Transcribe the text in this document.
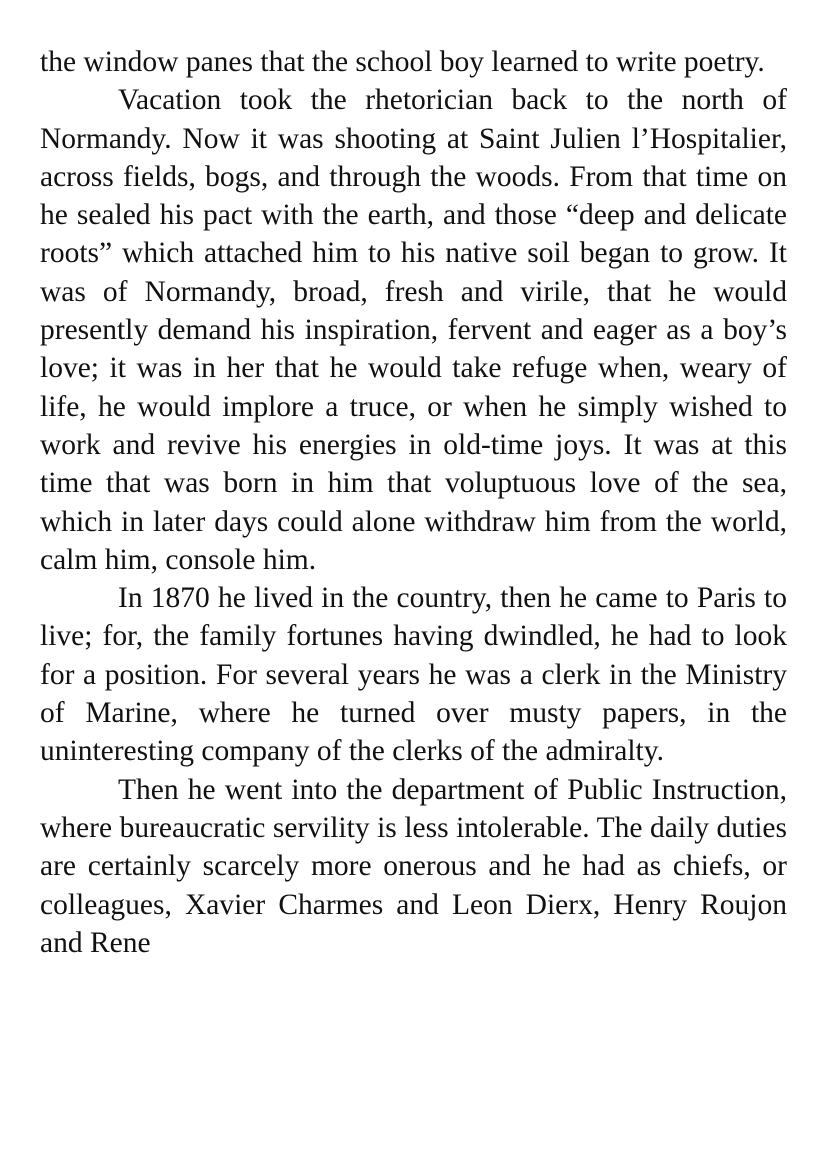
the window panes that the school boy learned to write poetry.

Vacation took the rhetorician back to the north of Normandy. Now it was shooting at Saint Julien l’Hospitalier, across fields, bogs, and through the woods. From that time on he sealed his pact with the earth, and those “deep and delicate roots” which attached him to his native soil began to grow. It was of Normandy, broad, fresh and virile, that he would presently demand his inspiration, fervent and eager as a boy’s love; it was in her that he would take refuge when, weary of life, he would implore a truce, or when he simply wished to work and revive his energies in old-time joys. It was at this time that was born in him that voluptuous love of the sea, which in later days could alone withdraw him from the world, calm him, console him.

In 1870 he lived in the country, then he came to Paris to live; for, the family fortunes having dwindled, he had to look for a position. For several years he was a clerk in the Ministry of Marine, where he turned over musty papers, in the uninteresting company of the clerks of the admiralty.

Then he went into the department of Public Instruction, where bureaucratic servility is less intolerable. The daily duties are certainly scarcely more onerous and he had as chiefs, or colleagues, Xavier Charmes and Leon Dierx, Henry Roujon and Rene
